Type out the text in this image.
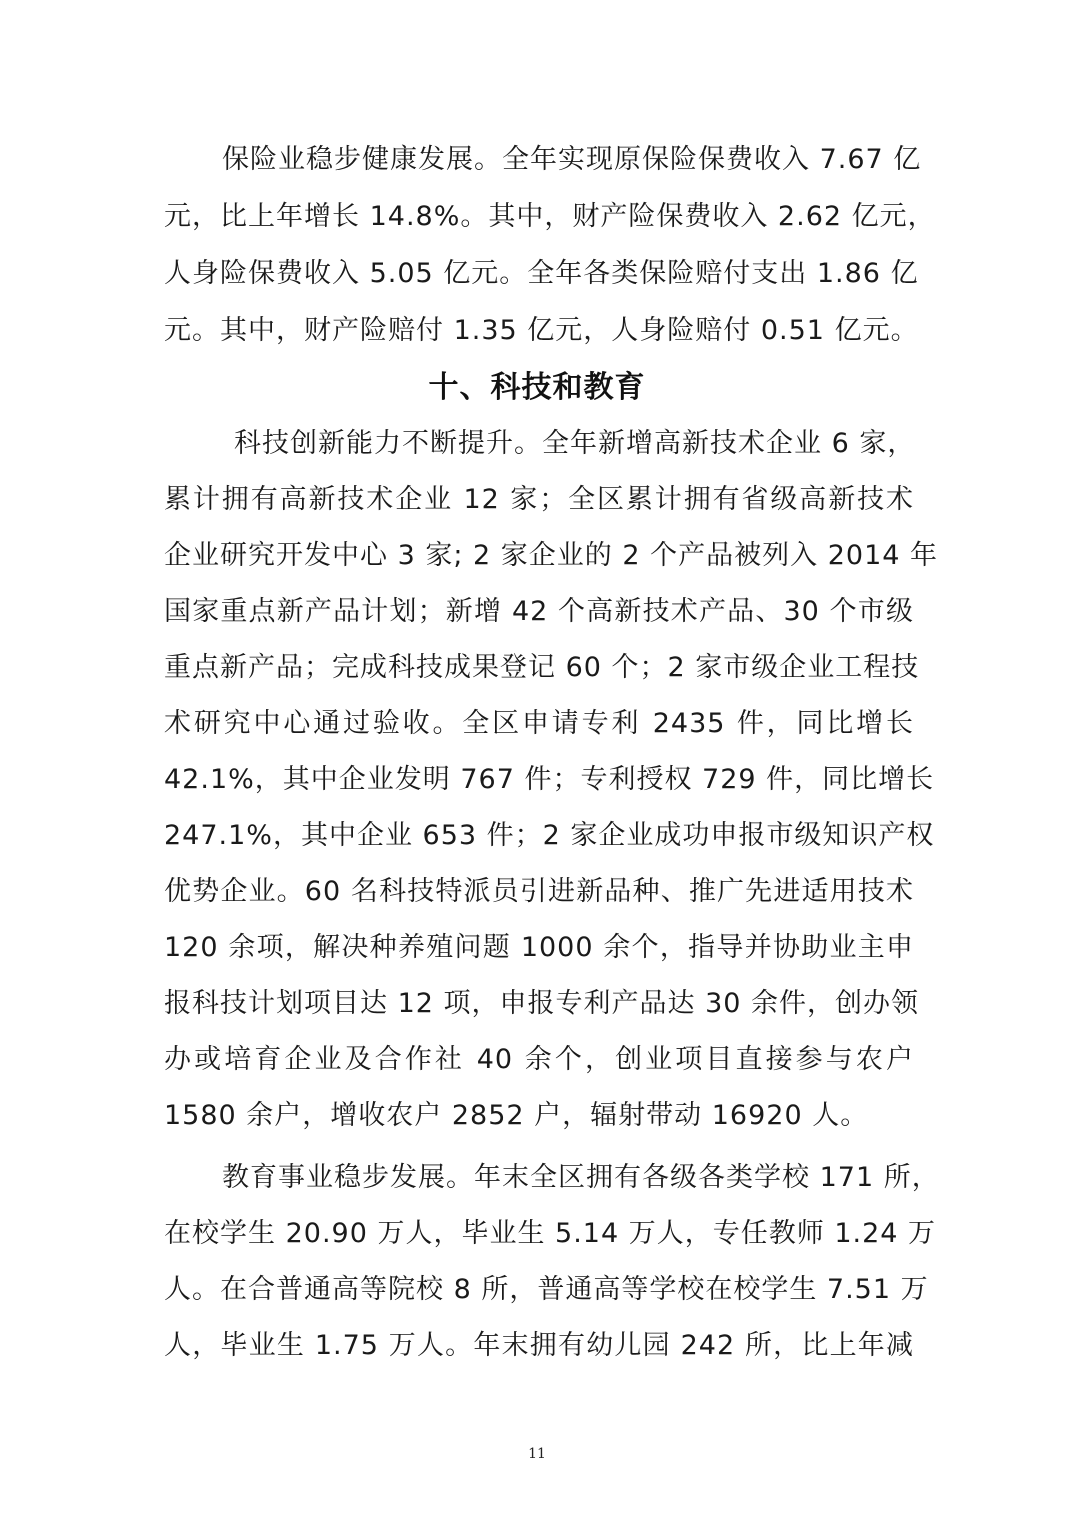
保险业稳步健康发展。全年实现原保险保费收入 7.67 亿
元，比上年增长 14.8%。其中，财产险保费收入 2.62 亿元，
人身险保费收入 5.05 亿元。全年各类保险赔付支出 1.86 亿
元。其中，财产险赔付 1.35 亿元，人身险赔付 0.51 亿元。
十、科技和教育
科技创新能力不断提升。全年新增高新技术企业 6 家，
累计拥有高新技术企业 12 家；全区累计拥有省级高新技术
企业研究开发中心 3 家; 2 家企业的 2 个产品被列入 2014 年
国家重点新产品计划；新增 42 个高新技术产品、30 个市级
重点新产品；完成科技成果登记 60 个；2 家市级企业工程技
术研究中心通过验收。全区申请专利 2435 件，同比增长
42.1%，其中企业发明 767 件；专利授权 729 件，同比增长
247.1%，其中企业 653 件；2 家企业成功申报市级知识产权
优势企业。60 名科技特派员引进新品种、推广先进适用技术
120 余项，解决种养殖问题 1000 余个，指导并协助业主申
报科技计划项目达 12 项，申报专利产品达 30 余件，创办领
办或培育企业及合作社 40 余个，创业项目直接参与农户
1580 余户，增收农户 2852 户，辐射带动 16920 人。
教育事业稳步发展。年末全区拥有各级各类学校 171 所，
在校学生 20.90 万人，毕业生 5.14 万人，专任教师 1.24 万
人。在合普通高等院校 8 所，普通高等学校在校学生 7.51 万
人，毕业生 1.75 万人。年末拥有幼儿园 242 所，比上年减
11
